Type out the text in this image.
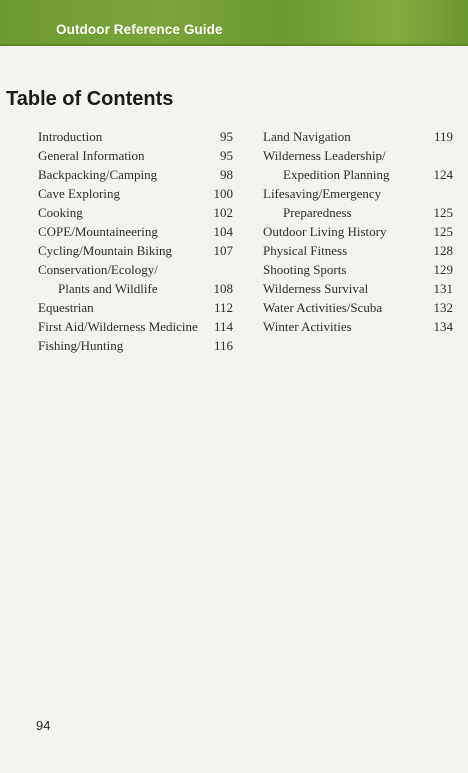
Outdoor Reference Guide
Table of Contents
Introduction	95
General Information	95
Backpacking/Camping	98
Cave Exploring	100
Cooking	102
COPE/Mountaineering	104
Cycling/Mountain Biking	107
Conservation/Ecology/
Plants and Wildlife	108
Equestrian	112
First Aid/Wilderness Medicine 114
Fishing/Hunting	116
Land Navigation	119
Wilderness Leadership/
Expedition Planning	124
Lifesaving/Emergency
Preparedness	125
Outdoor Living History	125
Physical Fitness	128
Shooting Sports	129
Wilderness Survival	131
Water Activities/Scuba	132
Winter Activities	134
94
